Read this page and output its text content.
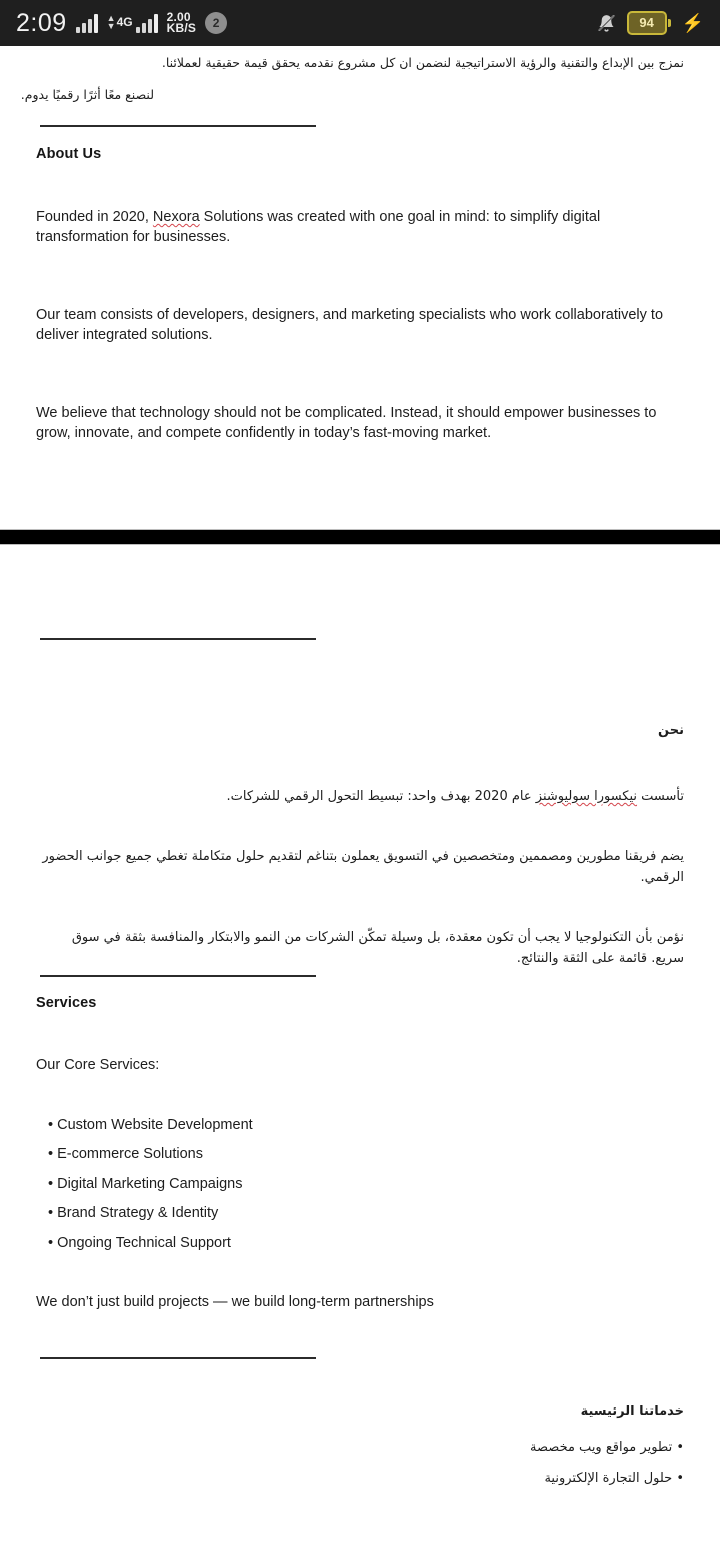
2:09	▲
▼ 4G	2.00
KB/S	2	94	⚡

نمزج بين الإبداع والتقنية والرؤية الاستراتيجية لنضمن ان كل مشروع نقدمه يحقق قيمة حقيقية لعملائنا.

لنصنع معًا أثرًا رقميًا يدوم.

About Us

Founded in 2020, Nexora Solutions was created with one goal in mind: to simplify digital transformation for businesses.

Our team consists of developers, designers, and marketing specialists who work collaboratively to deliver integrated solutions.

We believe that technology should not be complicated. Instead, it should empower businesses to grow, innovate, and compete confidently in today’s fast-moving market.

نحن

تأسست نيكسورا سوليوشنز عام 2020 بهدف واحد: تبسيط التحول الرقمي للشركات.

يضم فريقنا مطورين ومصممين ومتخصصين في التسويق يعملون بتناغم لتقديم حلول متكاملة تغطي جميع جوانب الحضور الرقمي.

نؤمن بأن التكنولوجيا لا يجب أن تكون معقدة، بل وسيلة تمكّن الشركات من النمو والابتكار والمنافسة بثقة في سوق سريع. قائمة على الثقة والنتائج.

Services

Our Core Services:

• Custom Website Development

• E-commerce Solutions

• Digital Marketing Campaigns

• Brand Strategy & Identity

• Ongoing Technical Support

We don’t just build projects — we build long-term partnerships

خدماتنا الرئيسية

• تطوير مواقع ويب مخصصة

• حلول التجارة الإلكترونية
